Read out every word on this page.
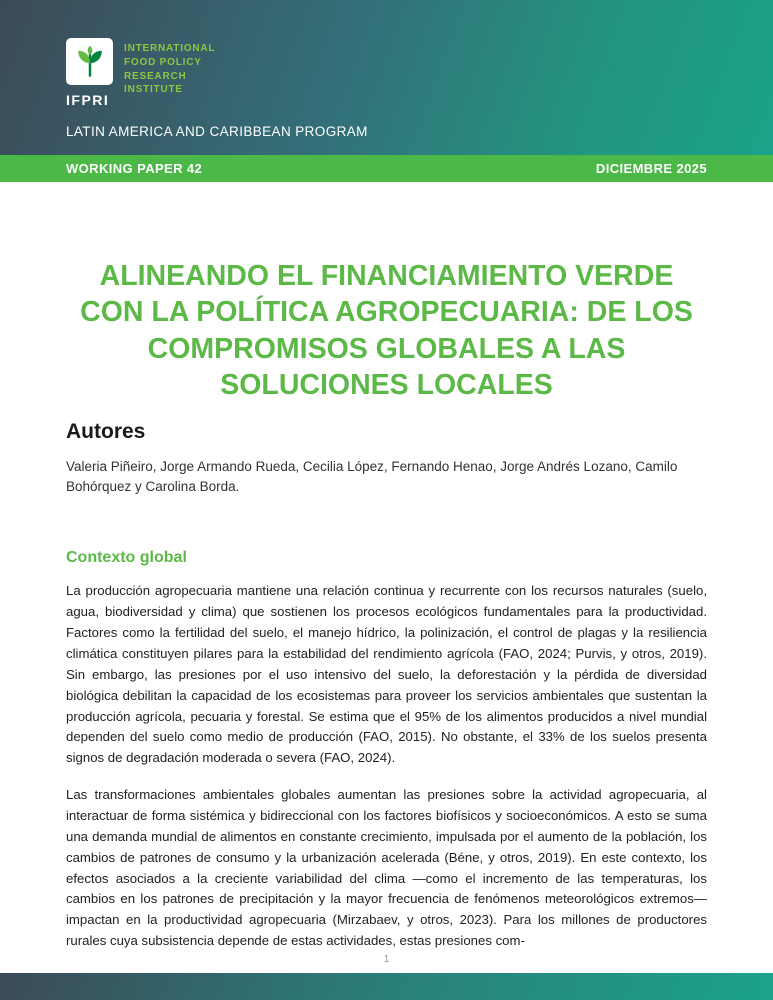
IFPRI
INTERNATIONAL
FOOD POLICY
RESEARCH
INSTITUTE
LATIN AMERICA AND CARIBBEAN PROGRAM
WORKING PAPER 42	DICIEMBRE 2025
ALINEANDO EL FINANCIAMIENTO VERDE CON LA POLÍTICA AGROPECUARIA: DE LOS COMPROMISOS GLOBALES A LAS SOLUCIONES LOCALES
Autores

Valeria Piñeiro, Jorge Armando Rueda, Cecilia López, Fernando Henao, Jorge Andrés Lozano, Camilo Bohórquez y Carolina Borda.

Contexto global

La producción agropecuaria mantiene una relación continua y recurrente con los recursos naturales (suelo, agua, biodiversidad y clima) que sostienen los procesos ecológicos fundamentales para la productividad. Factores como la fertilidad del suelo, el manejo hídrico, la polinización, el control de plagas y la resiliencia climática constituyen pilares para la estabilidad del rendimiento agrícola (FAO, 2024; Purvis, y otros, 2019). Sin embargo, las presiones por el uso intensivo del suelo, la deforestación y la pérdida de diversidad biológica debilitan la capacidad de los ecosistemas para proveer los servicios ambientales que sustentan la producción agrícola, pecuaria y forestal. Se estima que el 95% de los alimentos producidos a nivel mundial dependen del suelo como medio de producción (FAO, 2015). No obstante, el 33% de los suelos presenta signos de degradación moderada o severa (FAO, 2024).

Las transformaciones ambientales globales aumentan las presiones sobre la actividad agropecuaria, al interactuar de forma sistémica y bidireccional con los factores biofísicos y socioeconómicos. A esto se suma una demanda mundial de alimentos en constante crecimiento, impulsada por el aumento de la población, los cambios de patrones de consumo y la urbanización acelerada (Béne, y otros, 2019). En este contexto, los efectos asociados a la creciente variabilidad del clima —como el incremento de las temperaturas, los cambios en los patrones de precipitación y la mayor frecuencia de fenómenos meteorológicos extremos— impactan en la productividad agropecuaria (Mirzabaev, y otros, 2023). Para los millones de productores rurales cuya subsistencia depende de estas actividades, estas presiones com-

1
